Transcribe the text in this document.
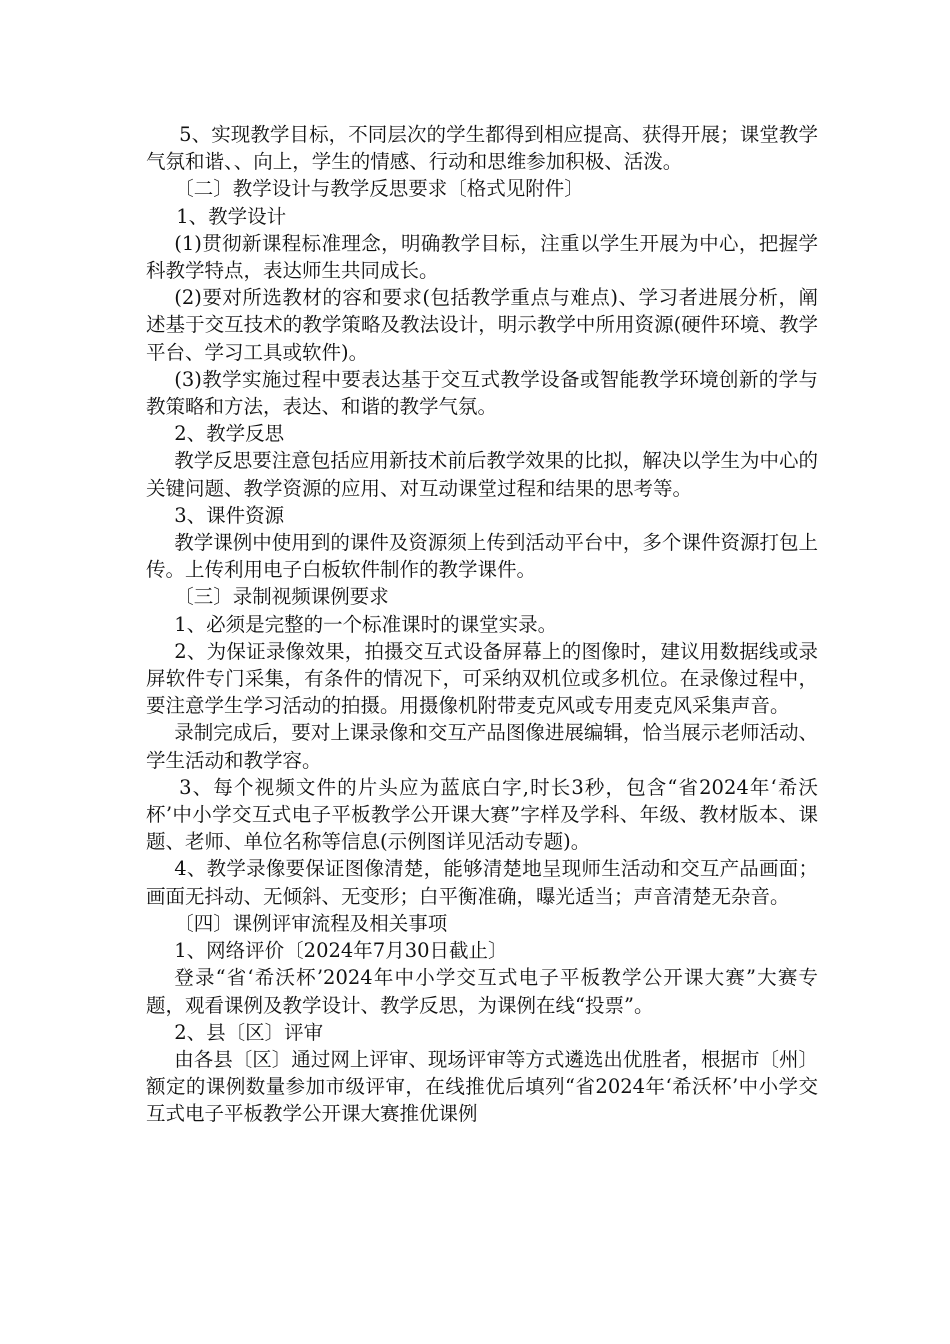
5、实现教学目标，不同层次的学生都得到相应提高、获得开展；课堂教学气氛和谐、、向上，学生的情感、行动和思维参加积极、活泼。

〔二〕教学设计与教学反思要求〔格式见附件〕

1、教学设计

(1)贯彻新课程标准理念，明确教学目标，注重以学生开展为中心，把握学科教学特点，表达师生共同成长。

(2)要对所选教材的容和要求(包括教学重点与难点)、学习者进展分析，阐述基于交互技术的教学策略及教法设计，明示教学中所用资源(硬件环境、教学平台、学习工具或软件)。

(3)教学实施过程中要表达基于交互式教学设备或智能教学环境创新的学与教策略和方法，表达、和谐的教学气氛。

2、教学反思

教学反思要注意包括应用新技术前后教学效果的比拟，解决以学生为中心的关键问题、教学资源的应用、对互动课堂过程和结果的思考等。

3、课件资源

教学课例中使用到的课件及资源须上传到活动平台中，多个课件资源打包上传。上传利用电子白板软件制作的教学课件。

〔三〕录制视频课例要求

1、必须是完整的一个标准课时的课堂实录。

2、为保证录像效果，拍摄交互式设备屏幕上的图像时，建议用数据线或录屏软件专门采集，有条件的情况下，可采纳双机位或多机位。在录像过程中，要注意学生学习活动的拍摄。用摄像机附带麦克风或专用麦克风采集声音。

录制完成后，要对上课录像和交互产品图像进展编辑，恰当展示老师活动、学生活动和教学容。

3、每个视频文件的片头应为蓝底白字,时长3秒，包含“省2024年‘希沃杯’中小学交互式电子平板教学公开课大赛”字样及学科、年级、教材版本、课题、老师、单位名称等信息(示例图详见活动专题)。

4、教学录像要保证图像清楚，能够清楚地呈现师生活动和交互产品画面；画面无抖动、无倾斜、无变形；白平衡准确，曝光适当；声音清楚无杂音。

〔四〕课例评审流程及相关事项

1、网络评价〔2024年7月30日截止〕

登录“省‘希沃杯’2024年中小学交互式电子平板教学公开课大赛”大赛专题，观看课例及教学设计、教学反思，为课例在线“投票”。

2、县〔区〕评审

由各县〔区〕通过网上评审、现场评审等方式遴选出优胜者，根据市〔州〕额定的课例数量参加市级评审，在线推优后填列“省2024年‘希沃杯’中小学交互式电子平板教学公开课大赛推优课例
